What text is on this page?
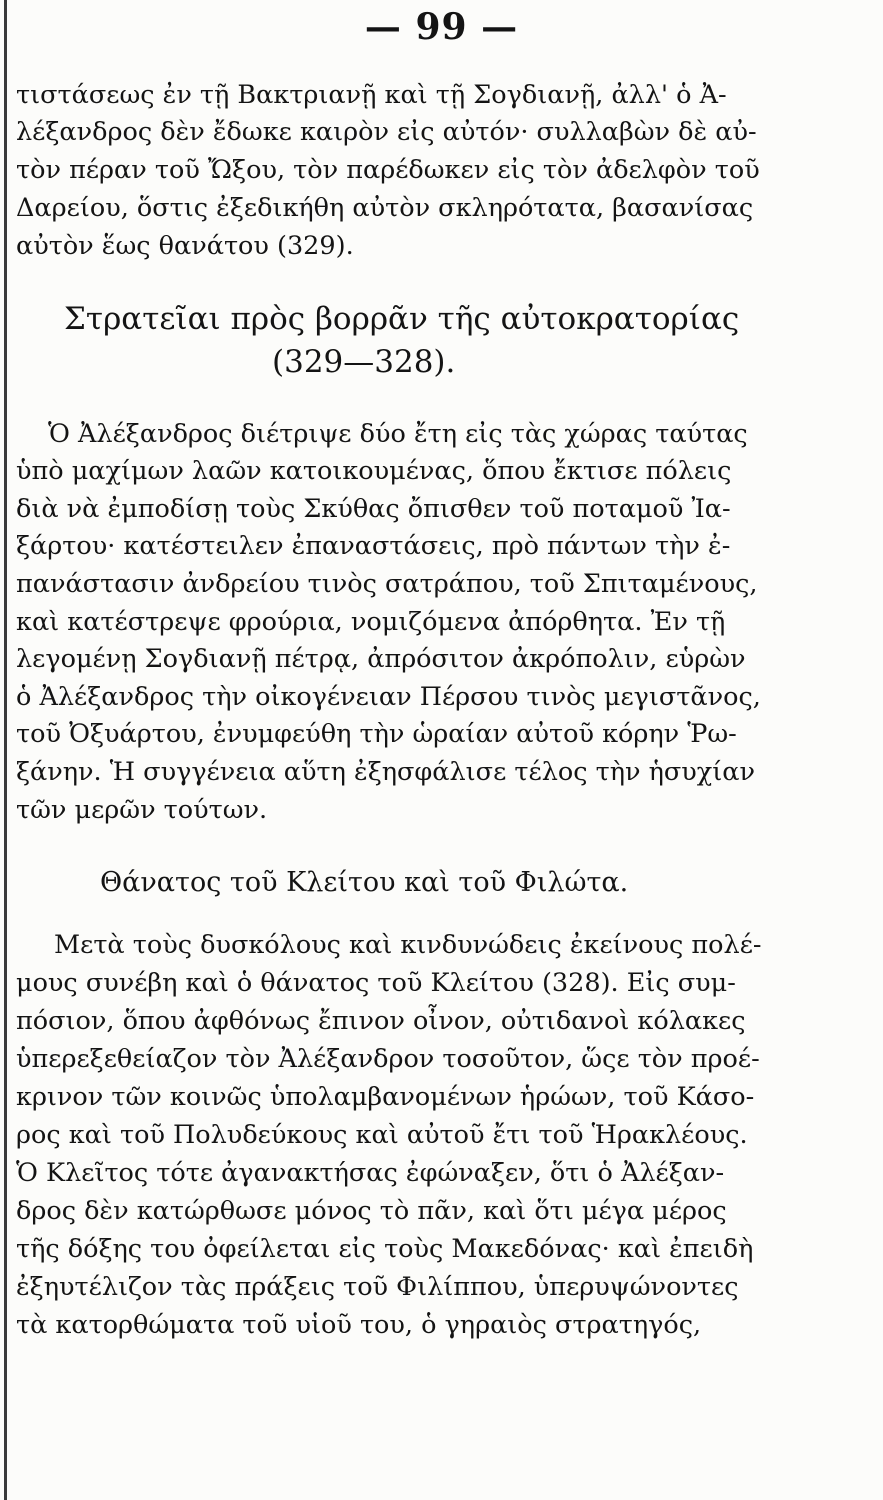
— 99 —
τιστάσεως ἐν τῇ Βακτριανῇ καὶ τῇ Σογδιανῇ, ἀλλ' ὁ Ἀ-
λέξανδρος δὲν ἔδωκε καιρὸν εἰς αὐτόν· συλλαβὼν δὲ αὐ-
τὸν πέραν τοῦ Ὤξου, τὸν παρέδωκεν εἰς τὸν ἀδελφὸν τοῦ
Δαρείου, ὅστις ἐξεδικήθη αὐτὸν σκληρότατα, βασανίσας
αὐτὸν ἕως θανάτου (329).
Στρατεῖαι πρὸς βορρᾶν τῆς αὐτοκρατορίας
(329—328).
Ὁ Ἀλέξανδρος διέτριψε δύο ἔτη εἰς τὰς χώρας ταύτας
ὑπὸ μαχίμων λαῶν κατοικουμένας, ὅπου ἔκτισε πόλεις
διὰ νὰ ἐμποδίσῃ τοὺς Σκύθας ὄπισθεν τοῦ ποταμοῦ Ἰα-
ξάρτου· κατέστειλεν ἐπαναστάσεις, πρὸ πάντων τὴν ἐ-
πανάστασιν ἀνδρείου τινὸς σατράπου, τοῦ Σπιταμένους,
καὶ κατέστρεψε φρούρια, νομιζόμενα ἀπόρθητα. Ἐν τῇ
λεγομένῃ Σογδιανῇ πέτρᾳ, ἀπρόσιτον ἀκρόπολιν, εὑρὼν
ὁ Ἀλέξανδρος τὴν οἰκογένειαν Πέρσου τινὸς μεγιστᾶνος,
τοῦ Ὀξυάρτου, ἐνυμφεύθη τὴν ὡραίαν αὐτοῦ κόρην Ῥω-
ξάνην. Ἡ συγγένεια αὕτη ἐξησφάλισε τέλος τὴν ἡσυχίαν
τῶν μερῶν τούτων.
Θάνατος τοῦ Κλείτου καὶ τοῦ Φιλώτα.
Μετὰ τοὺς δυσκόλους καὶ κινδυνώδεις ἐκείνους πολέ-
μους συνέβη καὶ ὁ θάνατος τοῦ Κλείτου (328). Εἰς συμ-
πόσιον, ὅπου ἀφθόνως ἔπινον οἶνον, οὐτιδανοὶ κόλακες
ὑπερεξεθείαζον τὸν Ἀλέξανδρον τοσοῦτον, ὥςε τὸν προέ-
κρινον τῶν κοινῶς ὑπολαμβανομένων ἡρώων, τοῦ Κάσο-
ρος καὶ τοῦ Πολυδεύκους καὶ αὐτοῦ ἔτι τοῦ Ἡρακλέους.
Ὁ Κλεῖτος τότε ἀγανακτήσας ἐφώναξεν, ὅτι ὁ Ἀλέξαν-
δρος δὲν κατώρθωσε μόνος τὸ πᾶν, καὶ ὅτι μέγα μέρος
τῆς δόξης του ὀφείλεται εἰς τοὺς Μακεδόνας· καὶ ἐπειδὴ
ἐξηυτέλιζον τὰς πράξεις τοῦ Φιλίππου, ὑπερυψώνοντες
τὰ κατορθώματα τοῦ υἱοῦ του, ὁ γηραιὸς στρατηγός,
